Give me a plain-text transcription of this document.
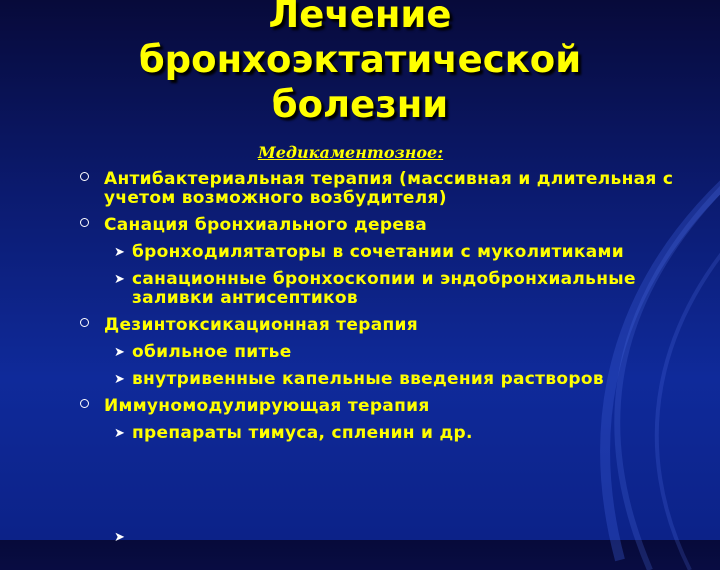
Лечение
бронхоэктатической
болезни
Медикаментозное:
Антибактериальная терапия (массивная и длительная с учетом возможного возбудителя)
Санация бронхиального дерева
➤ бронходилятаторы в сочетании с муколитиками
➤ санационные бронхоскопии и эндобронхиальные заливки антисептиков
Дезинтоксикационная терапия
➤ обильное питье
➤ внутривенные капельные введения растворов
Иммуномодулирующая терапия
➤ препараты тимуса, спленин и др.
➤
